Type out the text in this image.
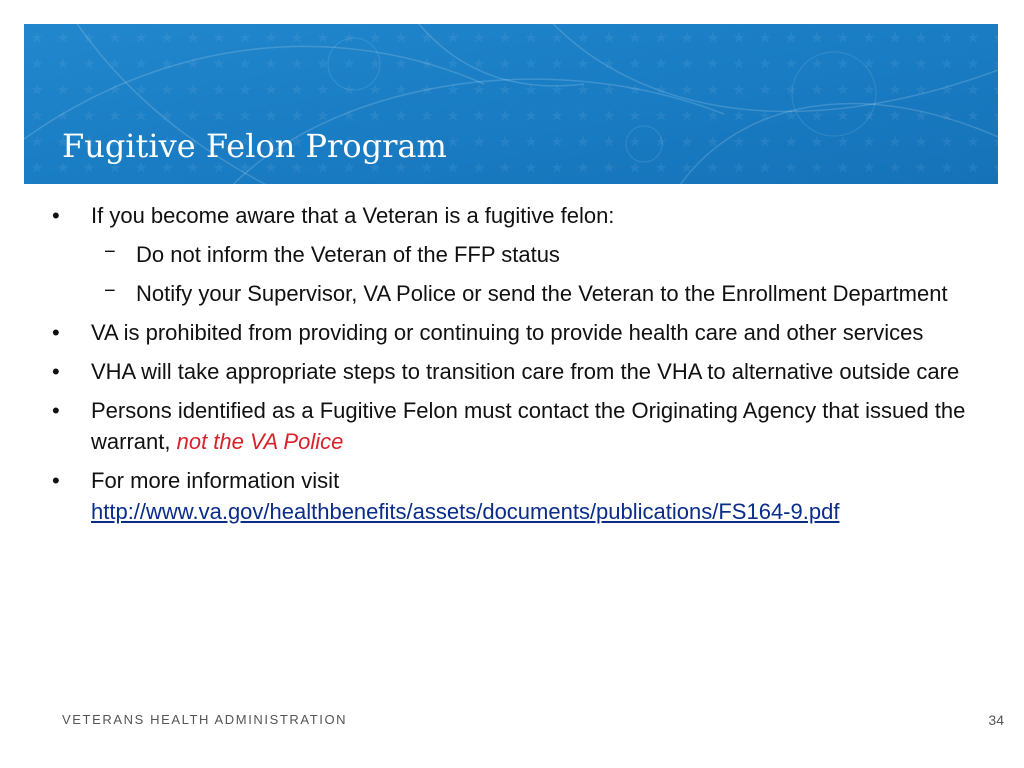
Fugitive Felon Program
•	If you become aware that a Veteran is a fugitive felon:
− Do not inform the Veteran of the FFP status
− Notify your Supervisor, VA Police or send the Veteran to the Enrollment Department
•	VA is prohibited from providing or continuing to provide health care and other services
•	VHA will take appropriate steps to transition care from the VHA to alternative outside care
•	Persons identified as a Fugitive Felon must contact the Originating Agency that issued the warrant, not the VA Police
•	For more information visit
http://www.va.gov/healthbenefits/assets/documents/publications/FS164-9.pdf
VETERANS HEALTH ADMINISTRATION	34
